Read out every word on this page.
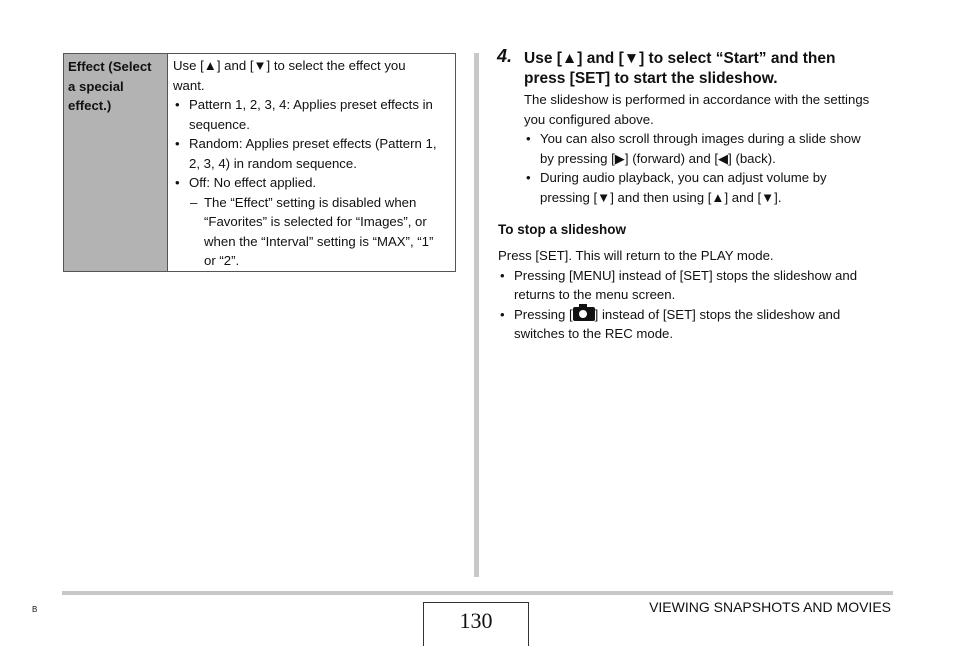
Effect (Select
a special
effect.)
Use [▲] and [▼] to select the effect you
want.
• Pattern 1, 2, 3, 4: Applies preset effects in
sequence.
• Random: Applies preset effects (Pattern 1,
2, 3, 4) in random sequence.
• Off: No effect applied.
– The “Effect” setting is disabled when
“Favorites” is selected for “Images”, or
when the “Interval” setting is “MAX”, “1”
or “2”.
4. Use [▲] and [▼] to select “Start” and then
press [SET] to start the slideshow.
The slideshow is performed in accordance with the settings
you configured above.
• You can also scroll through images during a slide show
by pressing [▶] (forward) and [◀] (back).
• During audio playback, you can adjust volume by
pressing [▼] and then using [▲] and [▼].
To stop a slideshow
Press [SET]. This will return to the PLAY mode.
• Pressing [MENU] instead of [SET] stops the slideshow and
returns to the menu screen.
• Pressing [ ] instead of [SET] stops the slideshow and
switches to the REC mode.
B	130
VIEWING SNAPSHOTS AND MOVIES
